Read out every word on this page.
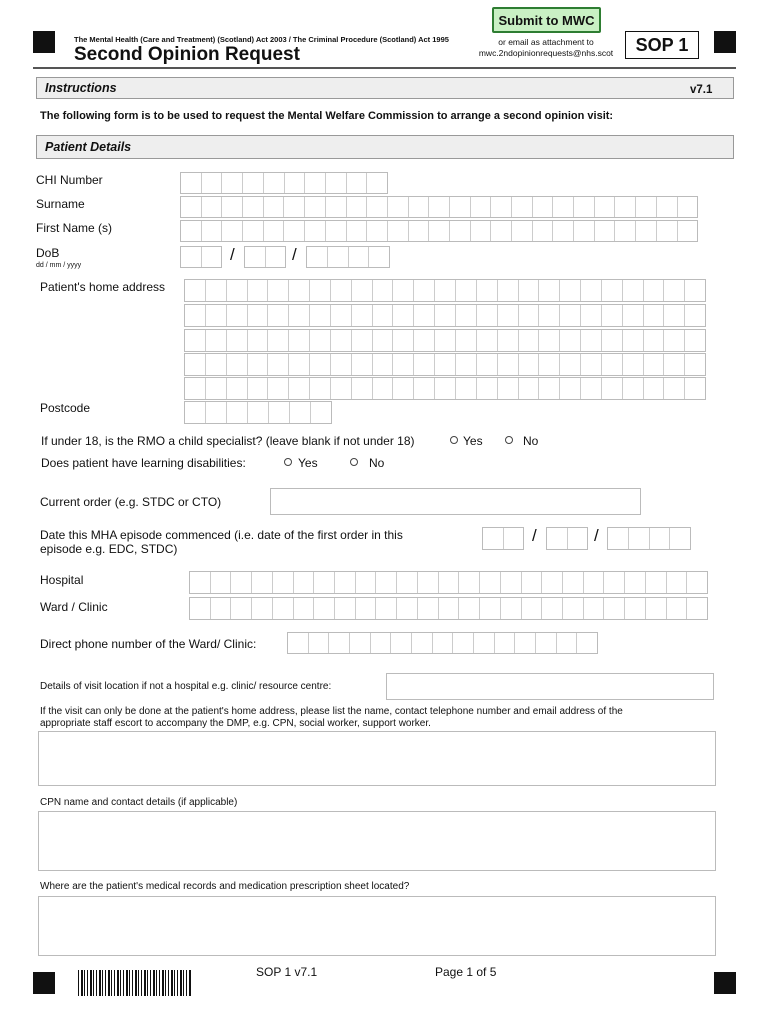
Submit to MWC
The Mental Health (Care and Treatment) (Scotland) Act 2003 / The Criminal Procedure (Scotland) Act 1995
Second Opinion Request
or email as attachment to
mwc.2ndopinionrequests@nhs.scot	SOP 1
Instructions	v7.1
The following form is to be used to request the Mental Welfare Commission to arrange a second opinion visit:
Patient Details
CHI Number
Surname
First Name (s)
DoB
dd / mm / yyyy
/	/
Patient's home address
Postcode
If under 18, is the RMO a child specialist? (leave blank if not under 18)	Yes	No
Does patient have learning disabilities:	Yes	No
Current order (e.g. STDC or CTO)
Date this MHA episode commenced (i.e. date of the first order in this
episode e.g. EDC, STDC)
/	/
Hospital
Ward / Clinic
Direct phone number of the Ward/ Clinic:
Details of visit location if not a hospital e.g. clinic/ resource centre:
If the visit can only be done at the patient's home address, please list the name, contact telephone number and email address of the
appropriate staff escort to accompany the DMP, e.g. CPN, social worker, support worker.
CPN name and contact details (if applicable)
Where are the patient's medical records and medication prescription sheet located?
SOP 1 v7.1	Page 1 of 5
